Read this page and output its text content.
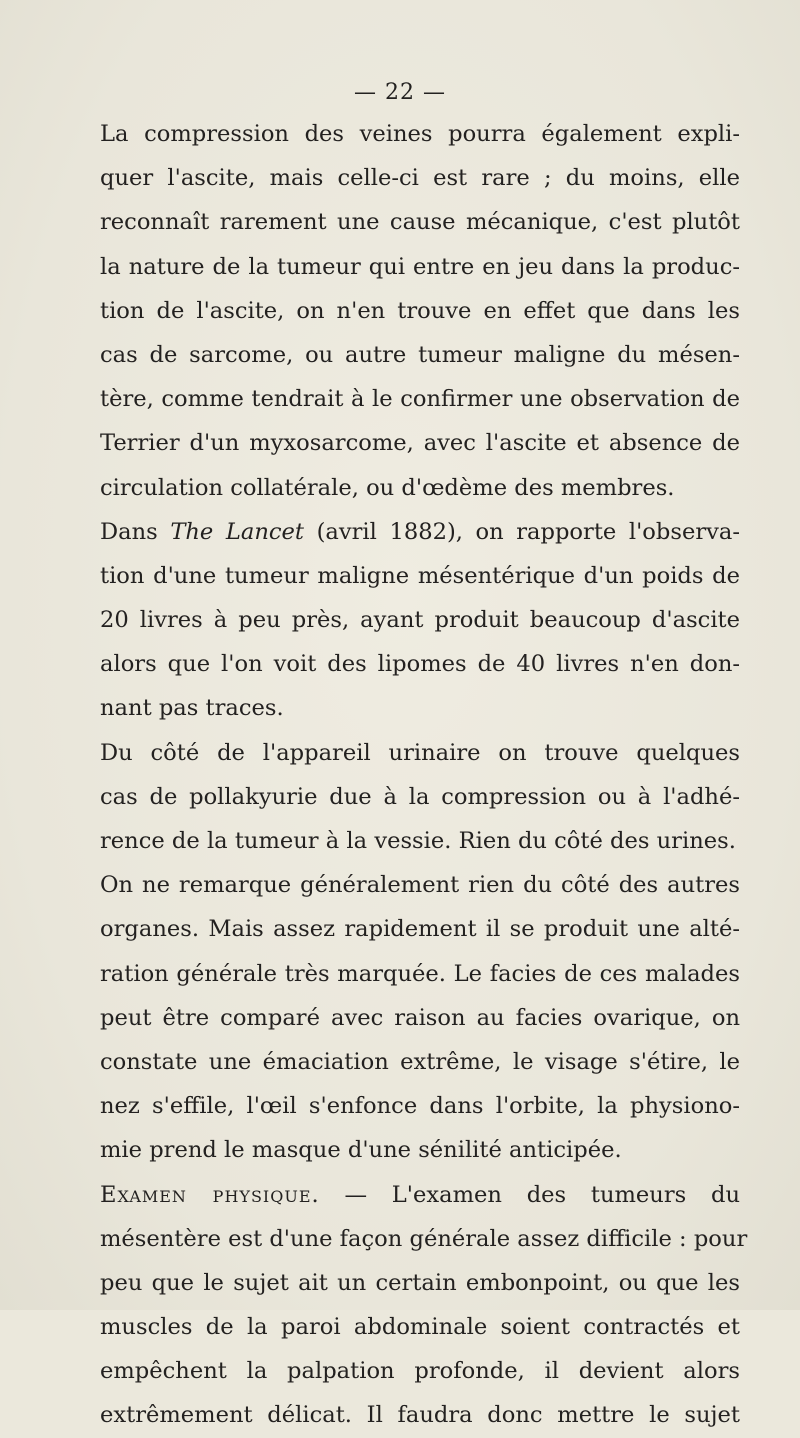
— 22 —
La compression des veines pourra également expli-
quer l'ascite, mais celle-ci est rare ; du moins, elle
reconnaît rarement une cause mécanique, c'est plutôt
la nature de la tumeur qui entre en jeu dans la produc-
tion de l'ascite, on n'en trouve en effet que dans les
cas de sarcome, ou autre tumeur maligne du mésen-
tère, comme tendrait à le confirmer une observation de
Terrier d'un myxosarcome, avec l'ascite et absence de
circulation collatérale, ou d'œdème des membres.
Dans The Lancet (avril 1882), on rapporte l'observa-
tion d'une tumeur maligne mésentérique d'un poids de
20 livres à peu près, ayant produit beaucoup d'ascite
alors que l'on voit des lipomes de 40 livres n'en don-
nant pas traces.
Du côté de l'appareil urinaire on trouve quelques
cas de pollakyurie due à la compression ou à l'adhé-
rence de la tumeur à la vessie. Rien du côté des urines.
On ne remarque généralement rien du côté des autres
organes. Mais assez rapidement il se produit une alté-
ration générale très marquée. Le facies de ces malades
peut être comparé avec raison au facies ovarique, on
constate une émaciation extrême, le visage s'étire, le
nez s'effile, l'œil s'enfonce dans l'orbite, la physiono-
mie prend le masque d'une sénilité anticipée.
Examen physique. — L'examen des tumeurs du
mésentère est d'une façon générale assez difficile : pour
peu que le sujet ait un certain embonpoint, ou que les
muscles de la paroi abdominale soient contractés et
empêchent la palpation profonde, il devient alors
extrêmement délicat. Il faudra donc mettre le sujet
